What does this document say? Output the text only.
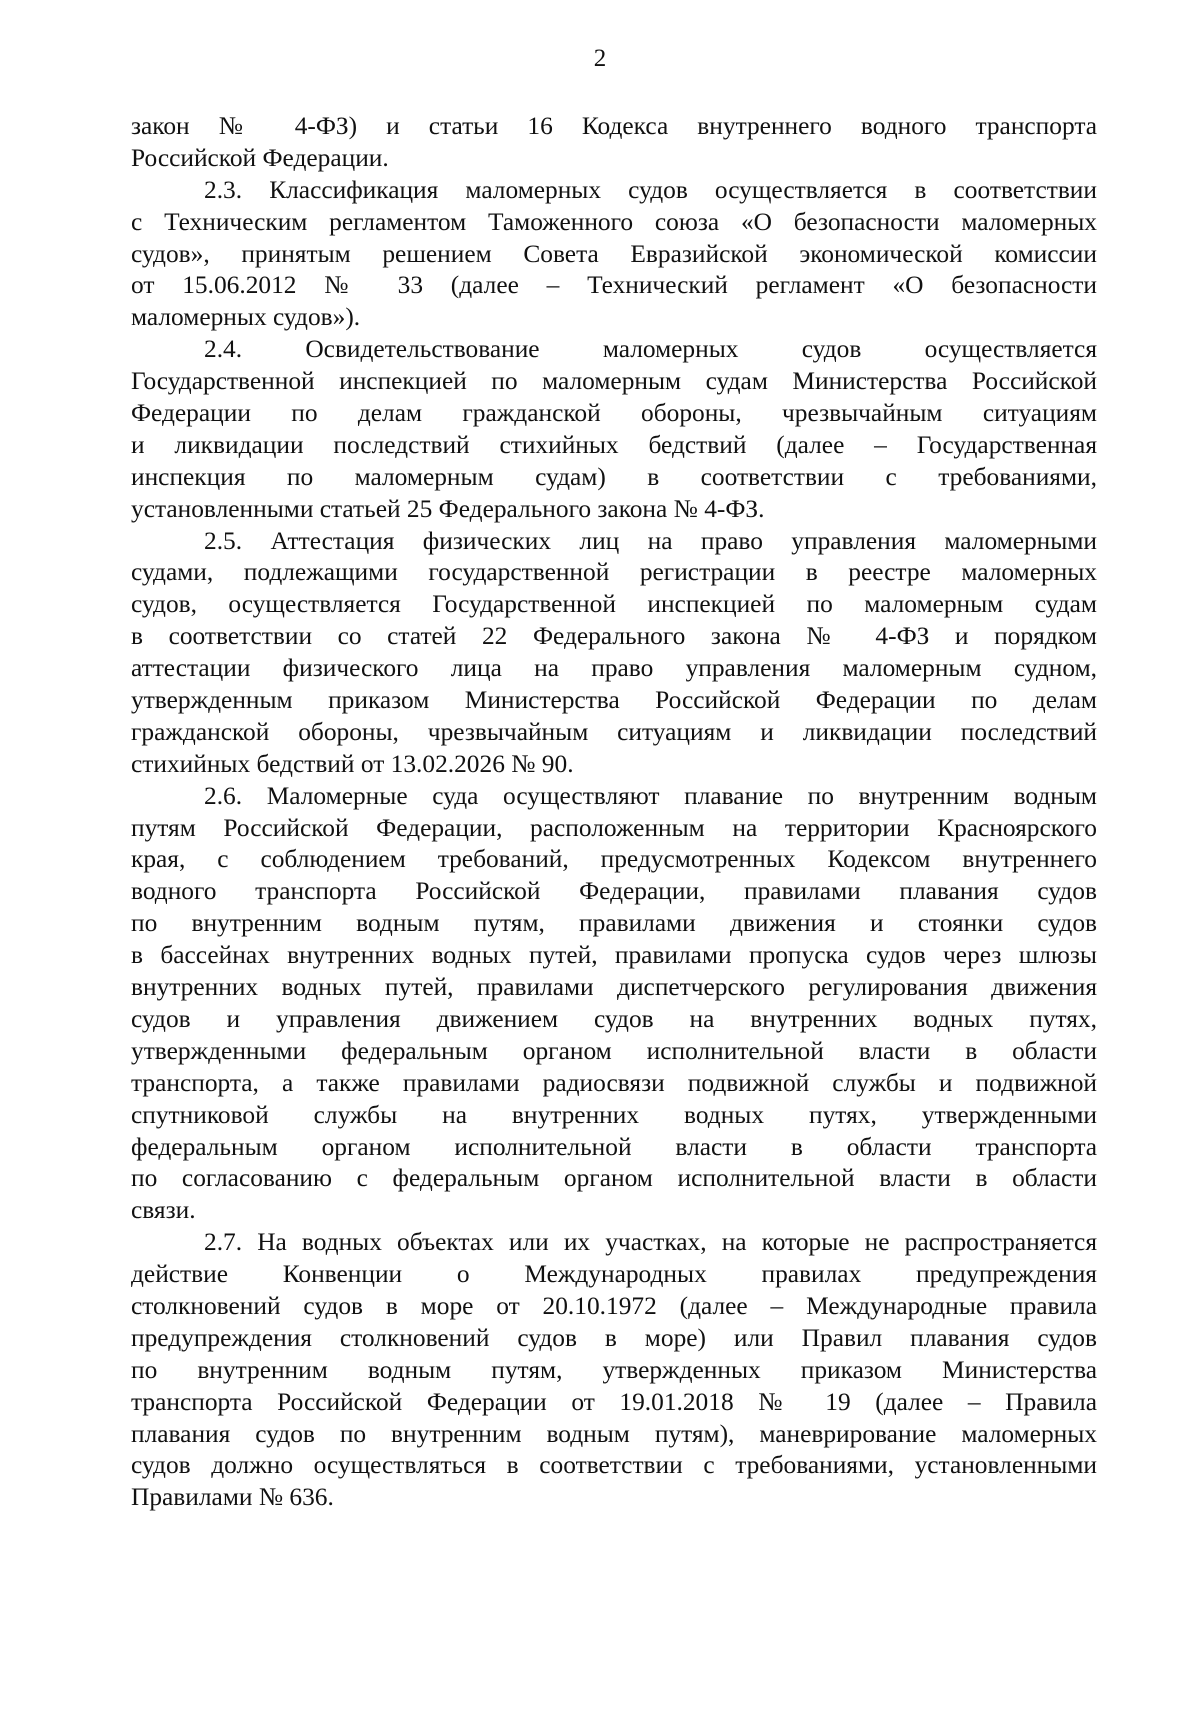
2
закон № 4-ФЗ) и статьи 16 Кодекса внутреннего водного транспорта
Российской Федерации.
2.3. Классификация маломерных судов осуществляется в соответствии
с Техническим регламентом Таможенного союза «О безопасности маломерных
судов», принятым решением Совета Евразийской экономической комиссии
от 15.06.2012 № 33 (далее – Технический регламент «О безопасности
маломерных судов»).
2.4. Освидетельствование маломерных судов осуществляется
Государственной инспекцией по маломерным судам Министерства Российской
Федерации по делам гражданской обороны, чрезвычайным ситуациям
и ликвидации последствий стихийных бедствий (далее – Государственная
инспекция по маломерным судам) в соответствии с требованиями,
установленными статьей 25 Федерального закона № 4-ФЗ.
2.5. Аттестация физических лиц на право управления маломерными
судами, подлежащими государственной регистрации в реестре маломерных
судов, осуществляется Государственной инспекцией по маломерным судам
в соответствии со статей 22 Федерального закона № 4-ФЗ и порядком
аттестации физического лица на право управления маломерным судном,
утвержденным приказом Министерства Российской Федерации по делам
гражданской обороны, чрезвычайным ситуациям и ликвидации последствий
стихийных бедствий от 13.02.2026 № 90.
2.6. Маломерные суда осуществляют плавание по внутренним водным
путям Российской Федерации, расположенным на территории Красноярского
края, с соблюдением требований, предусмотренных Кодексом внутреннего
водного транспорта Российской Федерации, правилами плавания судов
по внутренним водным путям, правилами движения и стоянки судов
в бассейнах внутренних водных путей, правилами пропуска судов через шлюзы
внутренних водных путей, правилами диспетчерского регулирования движения
судов и управления движением судов на внутренних водных путях,
утвержденными федеральным органом исполнительной власти в области
транспорта, а также правилами радиосвязи подвижной службы и подвижной
спутниковой службы на внутренних водных путях, утвержденными
федеральным органом исполнительной власти в области транспорта
по согласованию с федеральным органом исполнительной власти в области
связи.
2.7. На водных объектах или их участках, на которые не распространяется
действие Конвенции о Международных правилах предупреждения
столкновений судов в море от 20.10.1972 (далее – Международные правила
предупреждения столкновений судов в море) или Правил плавания судов
по внутренним водным путям, утвержденных приказом Министерства
транспорта Российской Федерации от 19.01.2018 № 19 (далее – Правила
плавания судов по внутренним водным путям), маневрирование маломерных
судов должно осуществляться в соответствии с требованиями, установленными
Правилами № 636.
